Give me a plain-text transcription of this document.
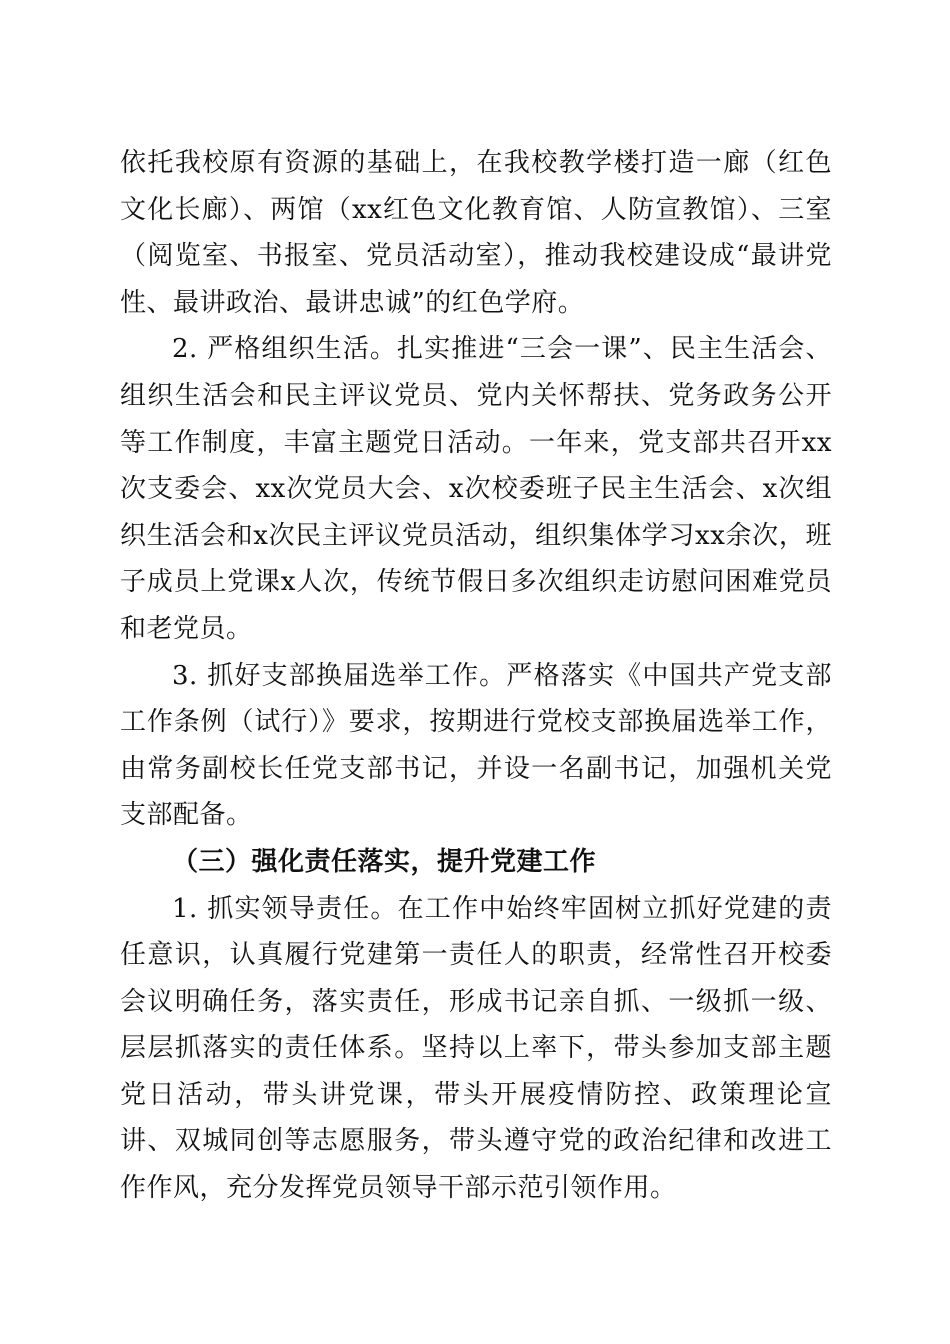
依托我校原有资源的基础上，在我校教学楼打造一廊（红色文化长廊）、两馆（xx红色文化教育馆、人防宣教馆）、三室（阅览室、书报室、党员活动室），推动我校建设成“最讲党性、最讲政治、最讲忠诚”的红色学府。

2. 严格组织生活。扎实推进“三会一课”、民主生活会、组织生活会和民主评议党员、党内关怀帮扶、党务政务公开等工作制度，丰富主题党日活动。一年来，党支部共召开xx次支委会、xx次党员大会、x次校委班子民主生活会、x次组织生活会和x次民主评议党员活动，组织集体学习xx余次，班子成员上党课x人次，传统节假日多次组织走访慰问困难党员和老党员。

3. 抓好支部换届选举工作。严格落实《中国共产党支部工作条例（试行）》要求，按期进行党校支部换届选举工作，由常务副校长任党支部书记，并设一名副书记，加强机关党支部配备。

（三）强化责任落实，提升党建工作

1. 抓实领导责任。在工作中始终牢固树立抓好党建的责任意识，认真履行党建第一责任人的职责，经常性召开校委会议明确任务，落实责任，形成书记亲自抓、一级抓一级、层层抓落实的责任体系。坚持以上率下，带头参加支部主题党日活动，带头讲党课，带头开展疫情防控、政策理论宣讲、双城同创等志愿服务，带头遵守党的政治纪律和改进工作作风，充分发挥党员领导干部示范引领作用。
